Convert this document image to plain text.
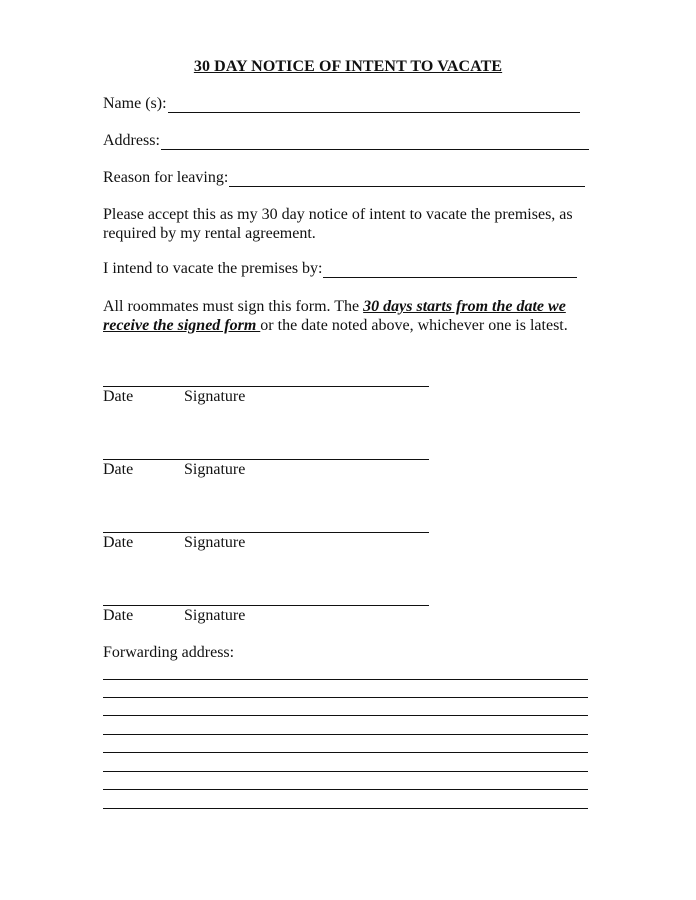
30 DAY NOTICE OF INTENT TO VACATE
Name (s):
Address:
Reason for leaving:
Please accept this as my 30 day notice of intent to vacate the premises, as required by my rental agreement.
I intend to vacate the premises by:
All roommates must sign this form. The 30 days starts from the date we receive the signed form or the date noted above, whichever one is latest.
Date	Signature
Date	Signature
Date	Signature
Date	Signature
Forwarding address:
